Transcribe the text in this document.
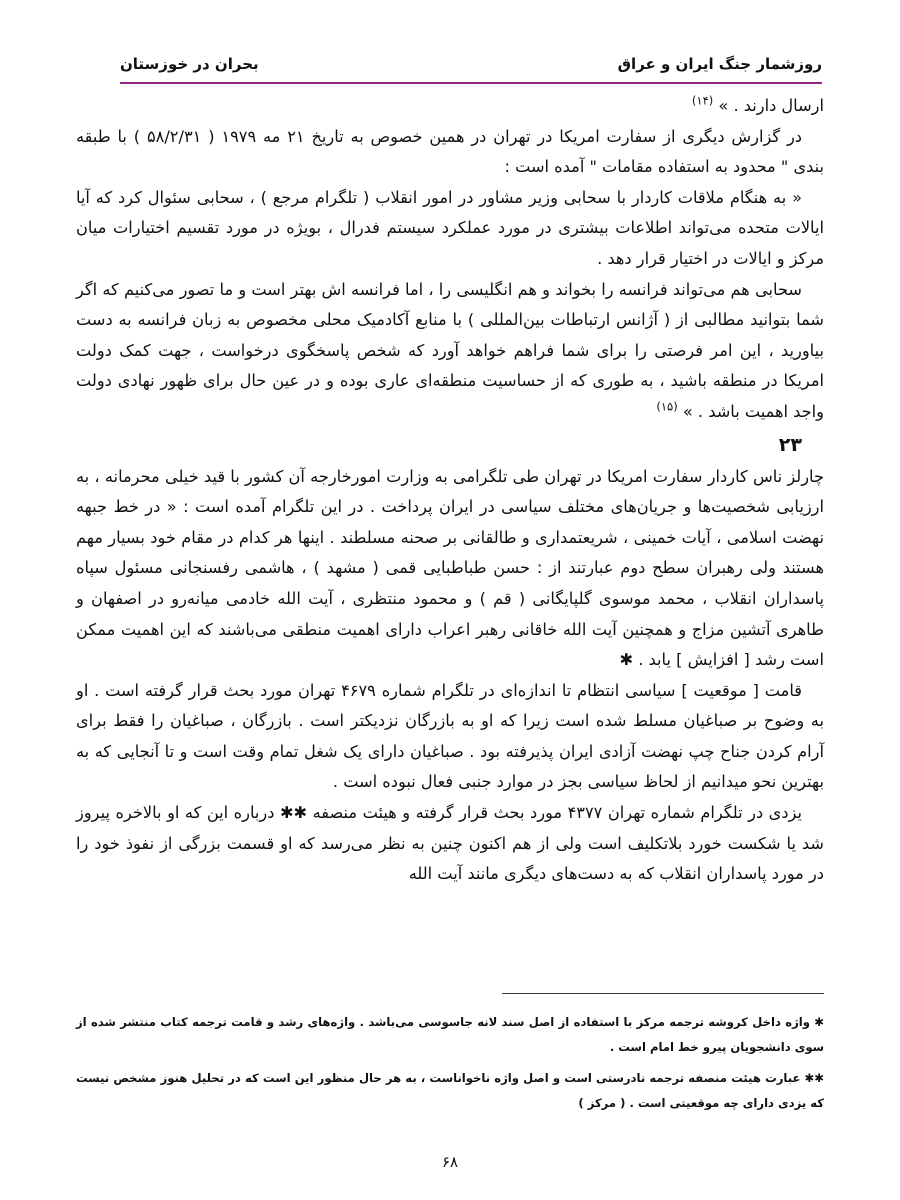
روزشمار جنگ ایران و عراق
بحران در خوزستان

ارسال دارند . » $^{(۱۴)}$

در گزارش دیگری از سفارت امریکا در تهران در همین خصوص به تاریخ ۲۱ مه ۱۹۷۹ ( ۵۸/۲/۳۱ ) با طبقه بندی " محدود به استفاده مقامات " آمده است :

« به هنگام ملاقات کاردار با سحابی وزیر مشاور در امور انقلاب ( تلگرام مرجع ) ، سحابی سئوال کرد که آیا ایالات متحده می‌تواند اطلاعات بیشتری در مورد عملکرد سیستم فدرال ، بویژه در مورد تقسیم اختیارات میان مرکز و ایالات در اختیار قرار دهد .

سحابی هم می‌تواند فرانسه را بخواند و هم انگلیسی را ، اما فرانسه اش بهتر است و ما تصور می‌کنیم که اگر شما بتوانید مطالبی از ( آژانس ارتباطات بین‌المللی ) با منابع آکادمیک محلی مخصوص به زبان فرانسه به دست بیاورید ، این امر فرصتی را برای شما فراهم خواهد آورد که شخص پاسخگوی درخواست ، جهت کمک دولت امریکا در منطقه باشید ، به طوری که از حساسیت منطقه‌ای عاری بوده و در عین حال برای ظهور نهادی دولت واجد اهمیت باشد . » $^{(۱۵)}$

۲۳

چارلز ناس کاردار سفارت امریکا در تهران طی تلگرامی به وزارت امورخارجه آن کشور با قید خیلی محرمانه ، به ارزیابی شخصیت‌ها و جریان‌های مختلف سیاسی در ایران پرداخت . در این تلگرام آمده است : « در خط جبهه نهضت اسلامی ، آیات خمینی ، شریعتمداری و طالقانی بر صحنه مسلطند . اینها هر کدام در مقام خود بسیار مهم هستند ولی رهبران سطح دوم عبارتند از : حسن طباطبایی قمی ( مشهد ) ، هاشمی رفسنجانی مسئول سپاه پاسداران انقلاب ، محمد موسوی گلپایگانی ( قم ) و محمود منتظری ، آیت الله خادمی میانه‌رو در اصفهان و طاهری آتشین مزاج و همچنین آیت الله خاقانی رهبر اعراب دارای اهمیت منطقی می‌باشند که این اهمیت ممکن است رشد [ افزایش ] یابد . ✱

قامت [ موقعیت ] سیاسی انتظام تا اندازه‌ای در تلگرام شماره ۴۶۷۹ تهران مورد بحث قرار گرفته است . او به وضوح بر صباغیان مسلط شده است زیرا که او به بازرگان نزدیکتر است . بازرگان ، صباغیان را فقط برای آرام کردن جناح چپ نهضت آزادی ایران پذیرفته بود . صباغیان دارای یک شغل تمام وقت است و تا آنجایی که به بهترین نحو میدانیم از لحاظ سیاسی بجز در موارد جنبی فعال نبوده است .

یزدی در تلگرام شماره تهران ۴۳۷۷ مورد بحث قرار گرفته و هیئت منصفه ✱✱ درباره این که او بالاخره پیروز شد یا شکست خورد بلاتکلیف است ولی از هم اکنون چنین به نظر می‌رسد که او قسمت بزرگی از نفوذ خود را در مورد پاسداران انقلاب که به دست‌های دیگری مانند آیت الله

✱ واژه داخل کروشه ترجمه مرکز با استفاده از اصل سند لانه جاسوسی می‌باشد . واژه‌های رشد و قامت ترجمه کتاب منتشر شده از سوی دانشجویان پیرو خط امام است .

✱✱ عبارت هیئت منصفه ترجمه نادرستی است و اصل واژه ناخواناست ، به هر حال منظور این است که در تحلیل هنوز مشخص نیست که یزدی دارای چه موقعیتی است . ( مرکز )

۶۸
